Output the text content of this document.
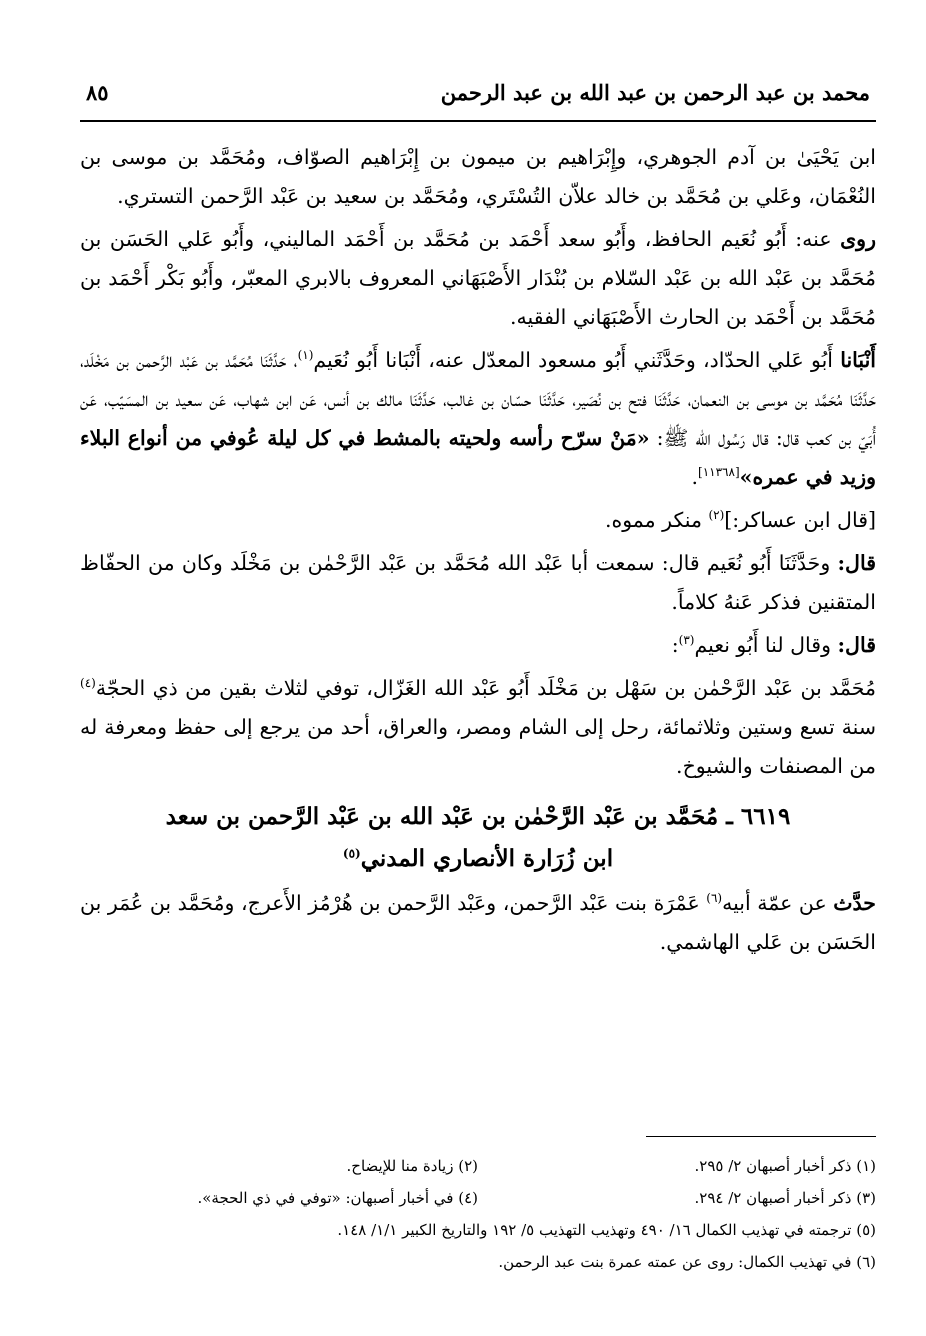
محمد بن عبد الرحمن بن عبد الله بن عبد الرحمن
٨٥

ابن يَحْيَىٰ بن آدم الجوهري، وإِبْرَاهيم بن ميمون بن إِبْرَاهيم الصوّاف، ومُحَمَّد بن موسى بن النُعْمَان، وعَلي بن مُحَمَّد بن خالد علاّن التُسْتَري، ومُحَمَّد بن سعيد بن عَبْد الرَّحمن التستري.

روى عنه: أَبُو نُعَيم الحافظ، وأَبُو سعد أَحْمَد بن مُحَمَّد بن أَحْمَد الماليني، وأَبُو عَلي الحَسَن بن مُحَمَّد بن عَبْد الله بن عَبْد السّلام بن بُنْدَار الأَصْبَهَاني المعروف بالابري المعبّر، وأَبُو بَكْر أَحْمَد بن مُحَمَّد بن أَحْمَد بن الحارث الأَصْبَهَاني الفقيه.

أَنْبَانا أَبُو عَلي الحدّاد، وحَدَّثَني أَبُو مسعود المعدّل عنه، أَنْبَانا أَبُو نُعَيم$^{(١)}$، حَدَّثَنَا مُحَمَّد بن عَبْد الرَّحمن بن مَخْلَد، حَدَّثَنَا مُحَمَّد بن موسى بن النعمان، حَدَّثَنَا فتح بن نُصَير، حَدَّثَنَا حسّان بن غالب، حَدَّثَنَا مالك بن أنس، عَن ابن شهاب، عَن سعيد بن المسَيّب، عَن أُبَيّ بن كعب قال: قال رَسُول الله ﷺ: «مَنْ سرّح رأسه ولحيته بالمشط في كل ليلة عُوفي من أنواع البلاء وزيد في عمره»[١١٣٦٨].

[قال ابن عساكر:]$^{(٢)}$ منكر مموه.

قال: وحَدَّثَنَا أَبُو نُعَيم قال: سمعت أبا عَبْد الله مُحَمَّد بن عَبْد الرَّحْمٰن بن مَخْلَد وكان من الحفّاظ المتقنين فذكر عَنهُ كلاماً.

قال: وقال لنا أَبُو نعيم$^{(٣)}$:

مُحَمَّد بن عَبْد الرَّحْمٰن بن سَهْل بن مَخْلَد أَبُو عَبْد الله الغَزّال، توفي لثلاث بقين من ذي الحجّة$^{(٤)}$ سنة تسع وستين وثلاثمائة، رحل إلى الشام ومصر، والعراق، أحد من يرجع إلى حفظ ومعرفة له من المصنفات والشيوخ.

٦٦١٩ ـ مُحَمَّد بن عَبْد الرَّحْمٰن بن عَبْد الله بن عَبْد الرَّحمن بن سعد
ابن زُرَارة الأنصاري المدني$^{(٥)}$

حدَّث عن عمّة أبيه$^{(٦)}$ عَمْرَة بنت عَبْد الرَّحمن، وعَبْد الرَّحمن بن هُرْمُز الأَعرج، ومُحَمَّد بن عُمَر بن الحَسَن بن عَلي الهاشمي.

(١) ذكر أخبار أصبهان ٢/ ٢٩٥.
(٢) زيادة منا للإيضاح.
(٣) ذكر أخبار أصبهان ٢/ ٢٩٤.
(٤) في أخبار أصبهان: «توفي في ذي الحجة».
(٥) ترجمته في تهذيب الكمال ١٦/ ٤٩٠ وتهذيب التهذيب ٥/ ١٩٢ والتاريخ الكبير ١/١/ ١٤٨.
(٦) في تهذيب الكمال: روى عن عمته عمرة بنت عبد الرحمن.
